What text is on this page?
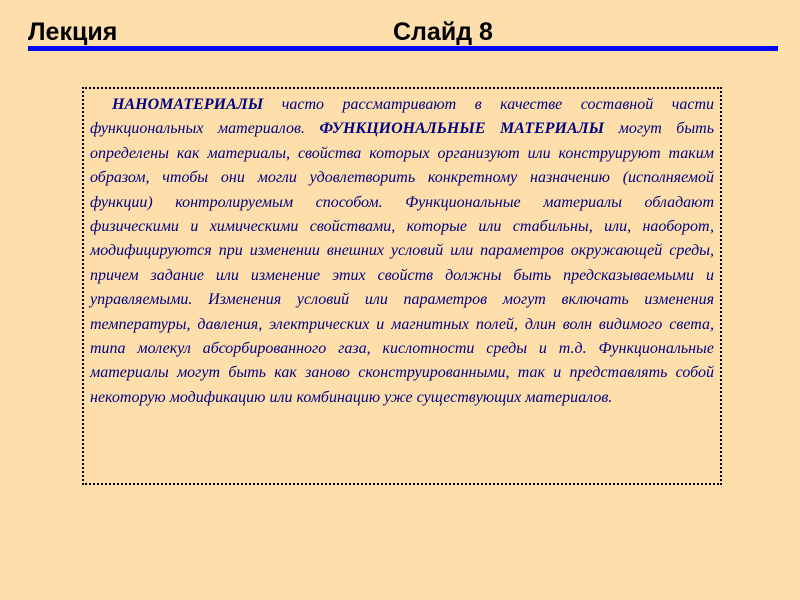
Лекция	Слайд 8

НАНОМАТЕРИАЛЫ часто рассматривают в качестве составной части функциональных материалов. ФУНКЦИОНАЛЬНЫЕ МАТЕРИАЛЫ могут быть определены как материалы, свойства которых организуют или конструируют таким образом, чтобы они могли удовлетворить конкретному назначению (исполняемой функции) контролируемым способом. Функциональные материалы обладают физическими и химическими свойствами, которые или стабильны, или, наоборот, модифицируются при изменении внешних условий или параметров окружающей среды, причем задание или изменение этих свойств должны быть предсказываемыми и управляемыми. Изменения условий или параметров могут включать изменения температуры, давления, электрических и магнитных полей, длин волн видимого света, типа молекул абсорбированного газа, кислотности среды и т.д. Функциональные материалы могут быть как заново сконструированными, так и представлять собой некоторую модификацию или комбинацию уже существующих материалов.
